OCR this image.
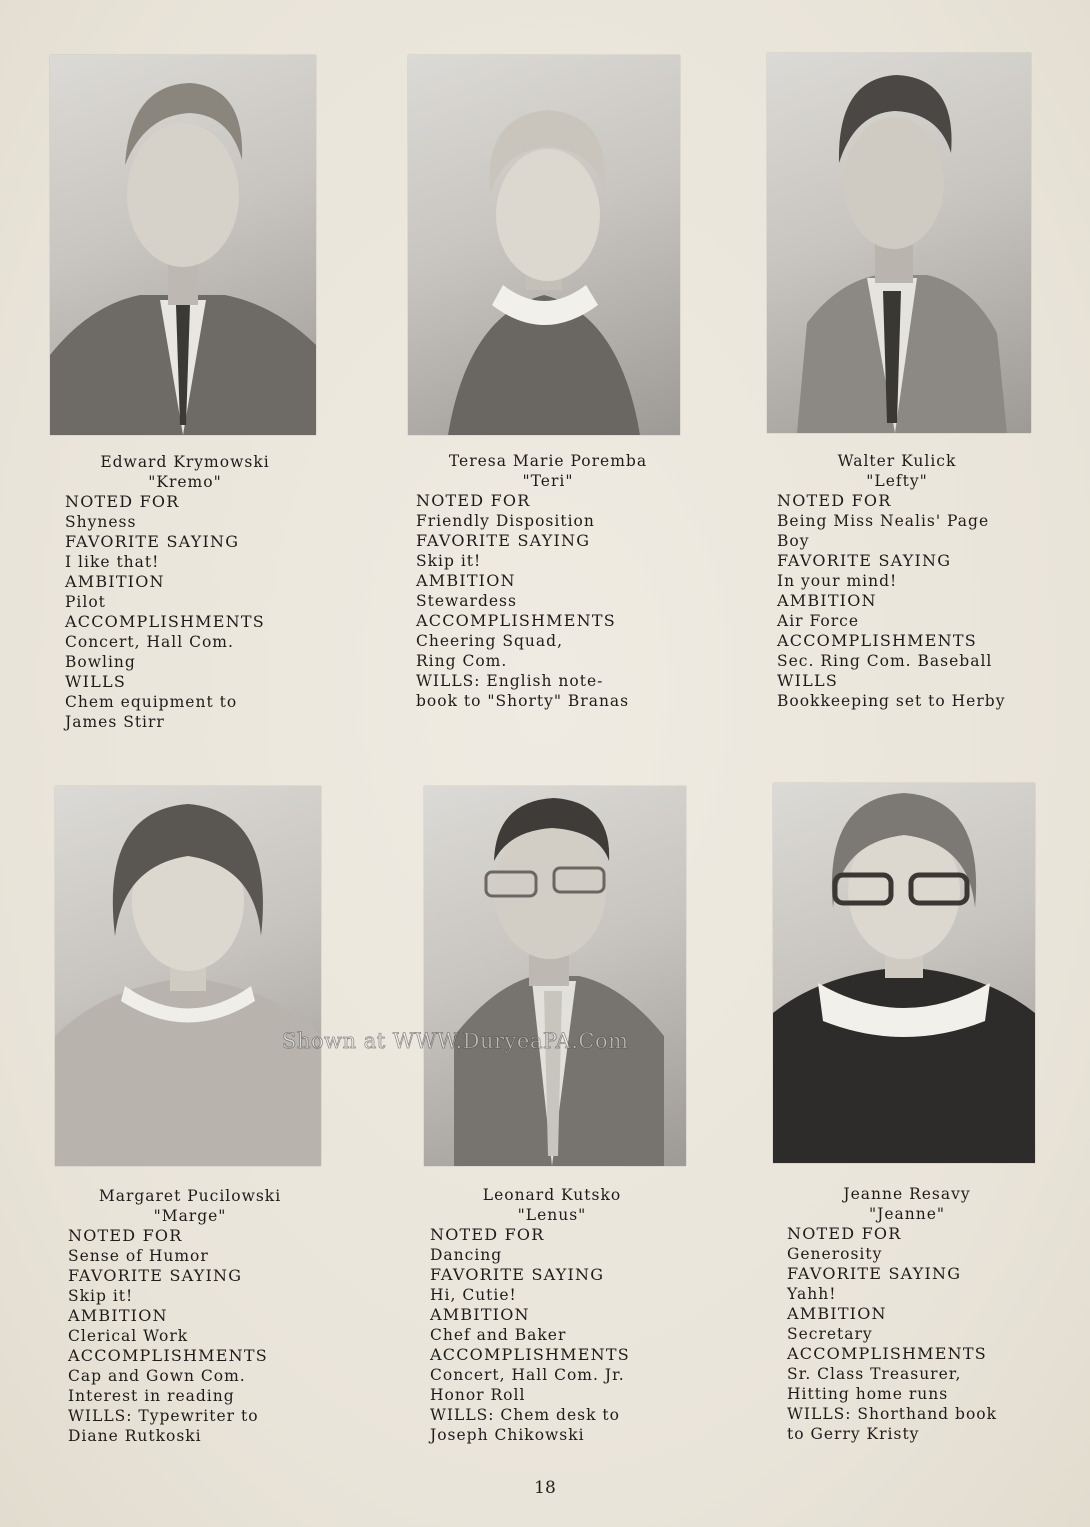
Edward Krymowski
"Kremo"
NOTED FOR
Shyness
FAVORITE SAYING
I like that!
AMBITION
Pilot
ACCOMPLISHMENTS
Concert, Hall Com.
Bowling
WILLS
Chem equipment to
James Stirr
Teresa Marie Poremba
"Teri"
NOTED FOR
Friendly Disposition
FAVORITE SAYING
Skip it!
AMBITION
Stewardess
ACCOMPLISHMENTS
Cheering Squad,
Ring Com.
WILLS: English note-
book to "Shorty" Branas
Walter Kulick
"Lefty"
NOTED FOR
Being Miss Nealis' Page
Boy
FAVORITE SAYING
In your mind!
AMBITION
Air Force
ACCOMPLISHMENTS
Sec. Ring Com. Baseball
WILLS
Bookkeeping set to Herby
Margaret Pucilowski
"Marge"
NOTED FOR
Sense of Humor
FAVORITE SAYING
Skip it!
AMBITION
Clerical Work
ACCOMPLISHMENTS
Cap and Gown Com.
Interest in reading
WILLS: Typewriter to
Diane Rutkoski
Leonard Kutsko
"Lenus"
NOTED FOR
Dancing
FAVORITE SAYING
Hi, Cutie!
AMBITION
Chef and Baker
ACCOMPLISHMENTS
Concert, Hall Com. Jr.
Honor Roll
WILLS: Chem desk to
Joseph Chikowski
Jeanne Resavy
"Jeanne"
NOTED FOR
Generosity
FAVORITE SAYING
Yahh!
AMBITION
Secretary
ACCOMPLISHMENTS
Sr. Class Treasurer,
Hitting home runs
WILLS: Shorthand book
to Gerry Kristy
Shown at WWW.DuryeaPA.Com
18
